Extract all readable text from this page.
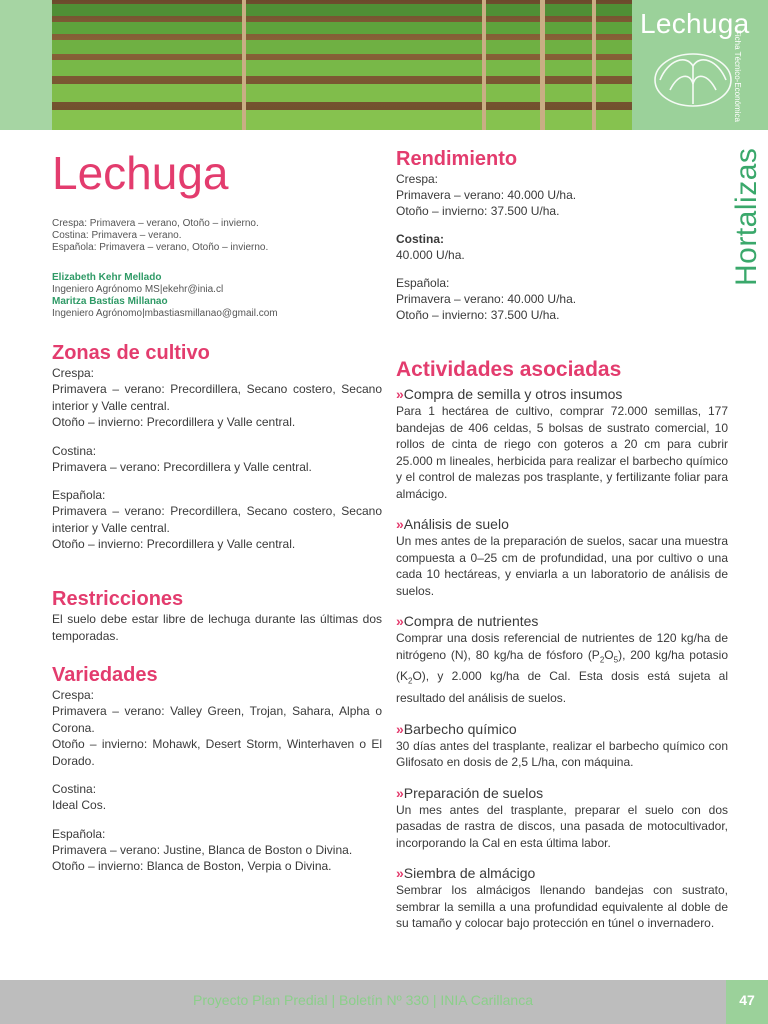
Lechuga
Ficha Técnico-Económica
Hortalizas
Lechuga
Crespa: Primavera – verano, Otoño – invierno.
Costina: Primavera – verano.
Española: Primavera – verano, Otoño – invierno.
Elizabeth Kehr Mellado
Ingeniero Agrónomo MS|ekehr@inia.cl
Maritza Bastías Millanao
Ingeniero Agrónomo|mbastiasmillanao@gmail.com
Zonas de cultivo
Crespa:
Primavera – verano: Precordillera, Secano costero, Secano interior y Valle central.
Otoño – invierno: Precordillera y Valle central.
Costina:
Primavera – verano: Precordillera y Valle central.
Española:
Primavera – verano: Precordillera, Secano costero, Secano interior y Valle central.
Otoño – invierno: Precordillera y Valle central.
Restricciones
El suelo debe estar libre de lechuga durante las últimas dos temporadas.
Variedades
Crespa:
Primavera – verano: Valley Green, Trojan, Sahara, Alpha o Corona.
Otoño – invierno: Mohawk, Desert Storm, Winterhaven o El Dorado.
Costina:
Ideal Cos.
Española:
Primavera – verano: Justine, Blanca de Boston o Divina.
Otoño – invierno: Blanca de Boston, Verpia o Divina.
Rendimiento
Crespa:
Primavera – verano: 40.000 U/ha.
Otoño – invierno: 37.500 U/ha.
Costina:
40.000 U/ha.
Española:
Primavera – verano: 40.000 U/ha.
Otoño – invierno: 37.500 U/ha.
Actividades asociadas
»Compra de semilla y otros insumos
Para 1 hectárea de cultivo, comprar 72.000 semillas, 177 bandejas de 406 celdas, 5 bolsas de sustrato comercial, 10 rollos de cinta de riego con goteros a 20 cm para cubrir 25.000 m lineales, herbicida para realizar el barbecho químico y el control de malezas pos trasplante, y fertilizante foliar para almácigo.
»Análisis de suelo
Un mes antes de la preparación de suelos, sacar una muestra compuesta a 0–25 cm de profundidad, una por cultivo o una cada 10 hectáreas, y enviarla a un laboratorio de análisis de suelos.
»Compra de nutrientes
Comprar una dosis referencial de nutrientes de 120 kg/ha de nitrógeno (N), 80 kg/ha de fósforo $(P_2O_5)$, 200 kg/ha potasio $(K_2O)$, y 2.000 kg/ha de Cal. Esta dosis está sujeta al resultado del análisis de suelos.
»Barbecho químico
30 días antes del trasplante, realizar el barbecho químico con Glifosato en dosis de 2,5 L/ha, con máquina.
»Preparación de suelos
Un mes antes del trasplante, preparar el suelo con dos pasadas de rastra de discos, una pasada de motocultivador, incorporando la Cal en esta última labor.
»Siembra de almácigo
Sembrar los almácigos llenando bandejas con sustrato, sembrar la semilla a una profundidad equivalente al doble de su tamaño y colocar bajo protección en túnel o invernadero.
Proyecto Plan Predial | Boletín Nº 330 | INIA Carillanca	47
